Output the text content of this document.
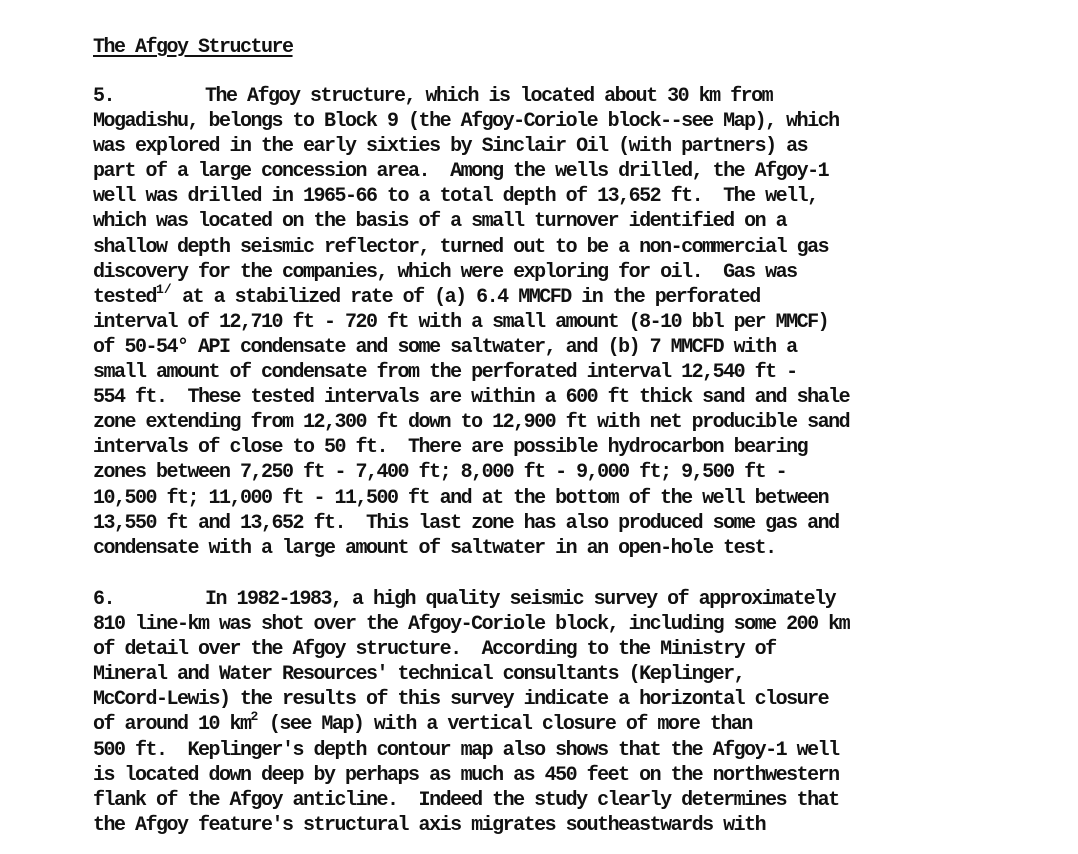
The Afgoy Structure
5.	The Afgoy structure, which is located about 30 km from
Mogadishu, belongs to Block 9 (the Afgoy-Coriole block--see Map), which
was explored in the early sixties by Sinclair Oil (with partners) as
part of a large concession area.  Among the wells drilled, the Afgoy-1
well was drilled in 1965-66 to a total depth of 13,652 ft.  The well,
which was located on the basis of a small turnover identified on a
shallow depth seismic reflector, turned out to be a non-commercial gas
discovery for the companies, which were exploring for oil.  Gas was
tested$^{1/}$ at a stabilized rate of (a) 6.4 MMCFD in the perforated
interval of 12,710 ft - 720 ft with a small amount (8-10 bbl per MMCF)
of 50-54° API condensate and some saltwater, and (b) 7 MMCFD with a
small amount of condensate from the perforated interval 12,540 ft -
554 ft.  These tested intervals are within a 600 ft thick sand and shale
zone extending from 12,300 ft down to 12,900 ft with net producible sand
intervals of close to 50 ft.  There are possible hydrocarbon bearing
zones between 7,250 ft - 7,400 ft; 8,000 ft - 9,000 ft; 9,500 ft -
10,500 ft; 11,000 ft - 11,500 ft and at the bottom of the well between
13,550 ft and 13,652 ft.  This last zone has also produced some gas and
condensate with a large amount of saltwater in an open-hole test.
6.	In 1982-1983, a high quality seismic survey of approximately
810 line-km was shot over the Afgoy-Coriole block, including some 200 km
of detail over the Afgoy structure.  According to the Ministry of
Mineral and Water Resources' technical consultants (Keplinger,
McCord-Lewis) the results of this survey indicate a horizontal closure
of around 10 $km^2$ (see Map) with a vertical closure of more than
500 ft.  Keplinger's depth contour map also shows that the Afgoy-1 well
is located down deep by perhaps as much as 450 feet on the northwestern
flank of the Afgoy anticline.  Indeed the study clearly determines that
the Afgoy feature's structural axis migrates southeastwards with
